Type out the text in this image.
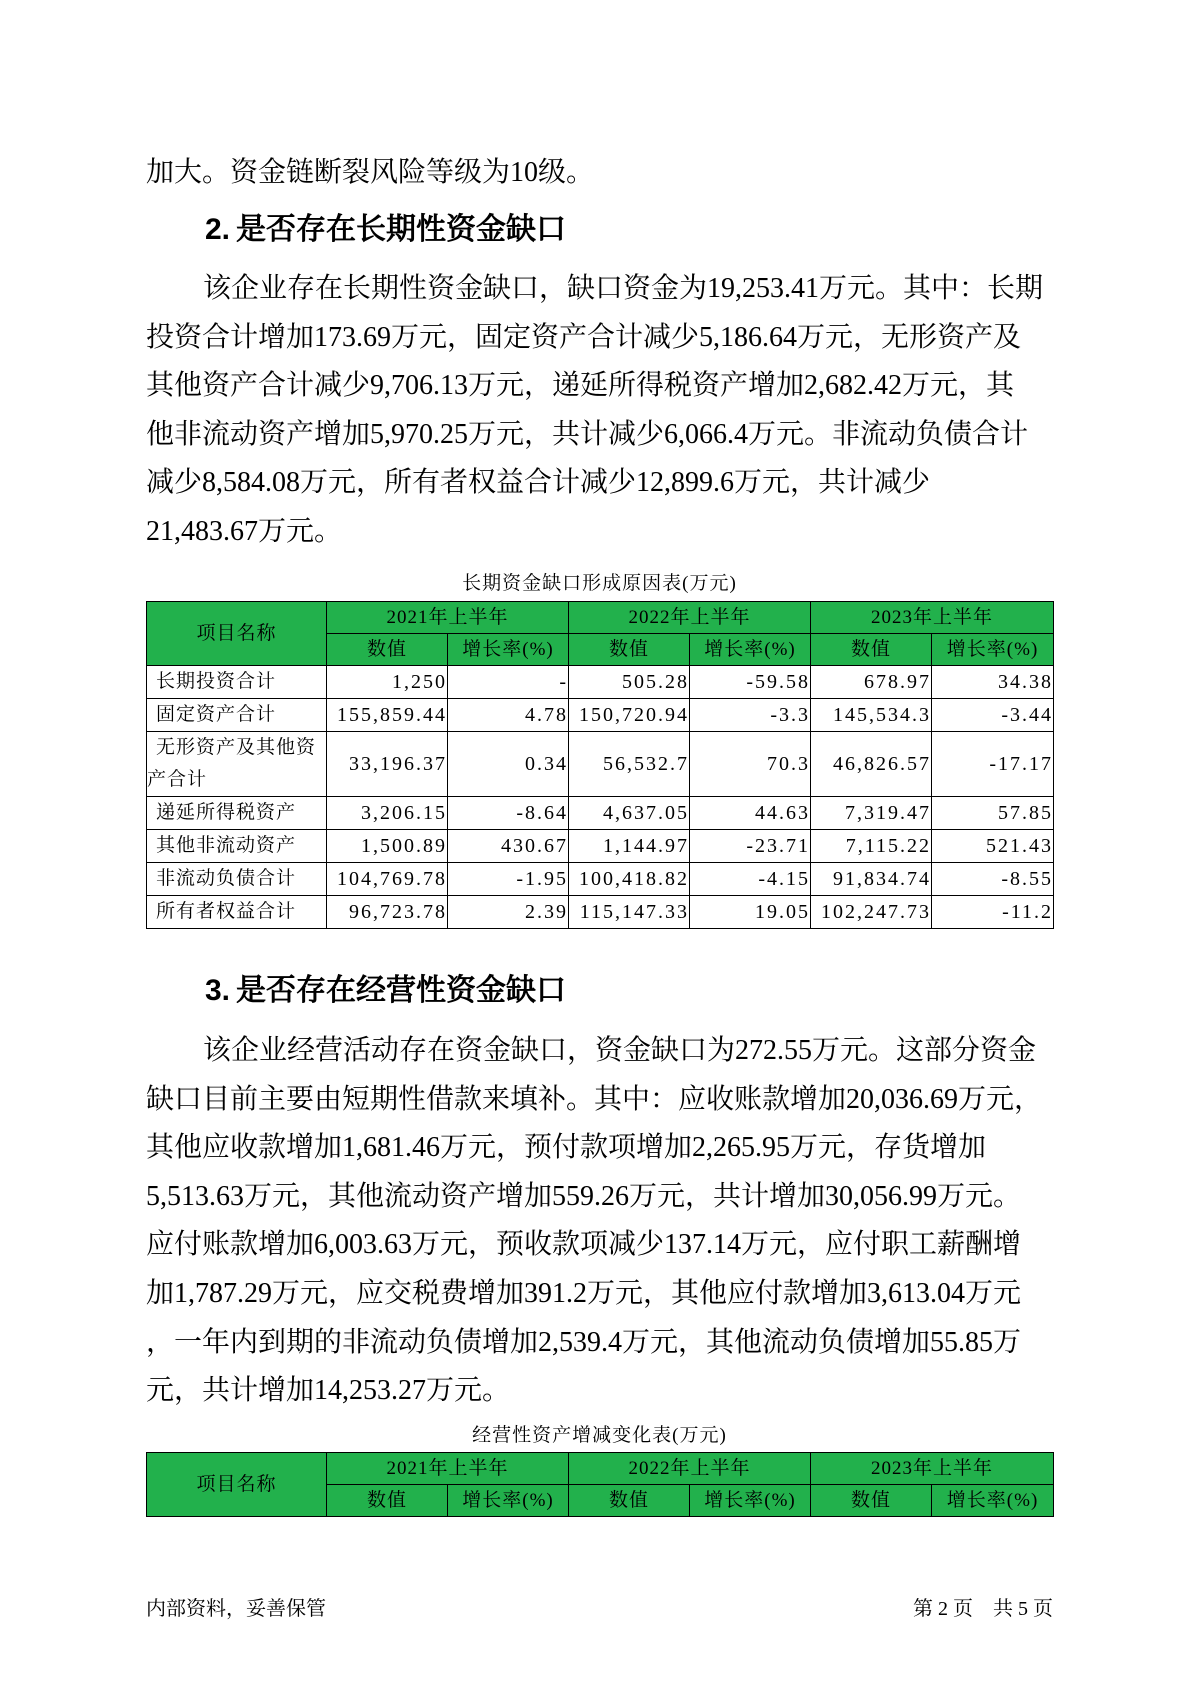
加大。资金链断裂风险等级为10级。
2. 是否存在长期性资金缺口
该企业存在长期性资金缺口，缺口资金为19,253.41万元。其中：长期
投资合计增加173.69万元，固定资产合计减少5,186.64万元，无形资产及
其他资产合计减少9,706.13万元，递延所得税资产增加2,682.42万元，其
他非流动资产增加5,970.25万元，共计减少6,066.4万元。非流动负债合计
减少8,584.08万元，所有者权益合计减少12,899.6万元，共计减少
21,483.67万元。
长期资金缺口形成原因表(万元)
项目名称	2021年上半年		2022年上半年		2023年上半年	
	数值	增长率(%)	数值	增长率(%)	数值	增长率(%)
长期投资合计	1,250	-	505.28	-59.58	678.97	34.38
固定资产合计	155,859.44	4.78	150,720.94	-3.3	145,534.3	-3.44
无形资产及其他资产合计	33,196.37	0.34	56,532.7	70.3	46,826.57	-17.17
递延所得税资产	3,206.15	-8.64	4,637.05	44.63	7,319.47	57.85
其他非流动资产	1,500.89	430.67	1,144.97	-23.71	7,115.22	521.43
非流动负债合计	104,769.78	-1.95	100,418.82	-4.15	91,834.74	-8.55
所有者权益合计	96,723.78	2.39	115,147.33	19.05	102,247.73	-11.2
3. 是否存在经营性资金缺口
该企业经营活动存在资金缺口，资金缺口为272.55万元。这部分资金
缺口目前主要由短期性借款来填补。其中：应收账款增加20,036.69万元，
其他应收款增加1,681.46万元，预付款项增加2,265.95万元，存货增加
5,513.63万元，其他流动资产增加559.26万元，共计增加30,056.99万元。
应付账款增加6,003.63万元，预收款项减少137.14万元，应付职工薪酬增
加1,787.29万元，应交税费增加391.2万元，其他应付款增加3,613.04万元
，一年内到期的非流动负债增加2,539.4万元，其他流动负债增加55.85万
元，共计增加14,253.27万元。
经营性资产增减变化表(万元)
项目名称	2021年上半年		2022年上半年		2023年上半年	
	数值	增长率(%)	数值	增长率(%)	数值	增长率(%)
内部资料，妥善保管	第 2 页 共 5 页
